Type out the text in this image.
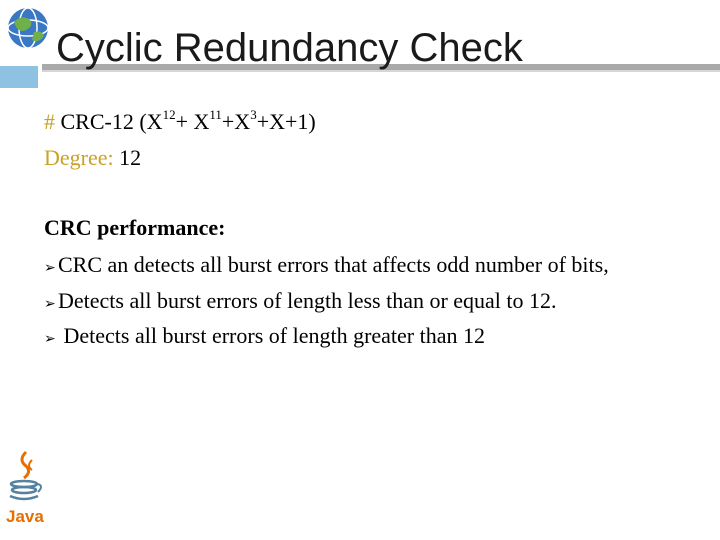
Cyclic Redundancy Check
# CRC-12 $(X^{12}+ X^{11}+X^3+X+1)$
Degree: 12
CRC performance:
➢ CRC an detects all burst errors that affects odd number of bits,
➢ Detects all burst errors of length less than or equal to 12.
➢ Detects all burst errors of length greater than 12
Java
